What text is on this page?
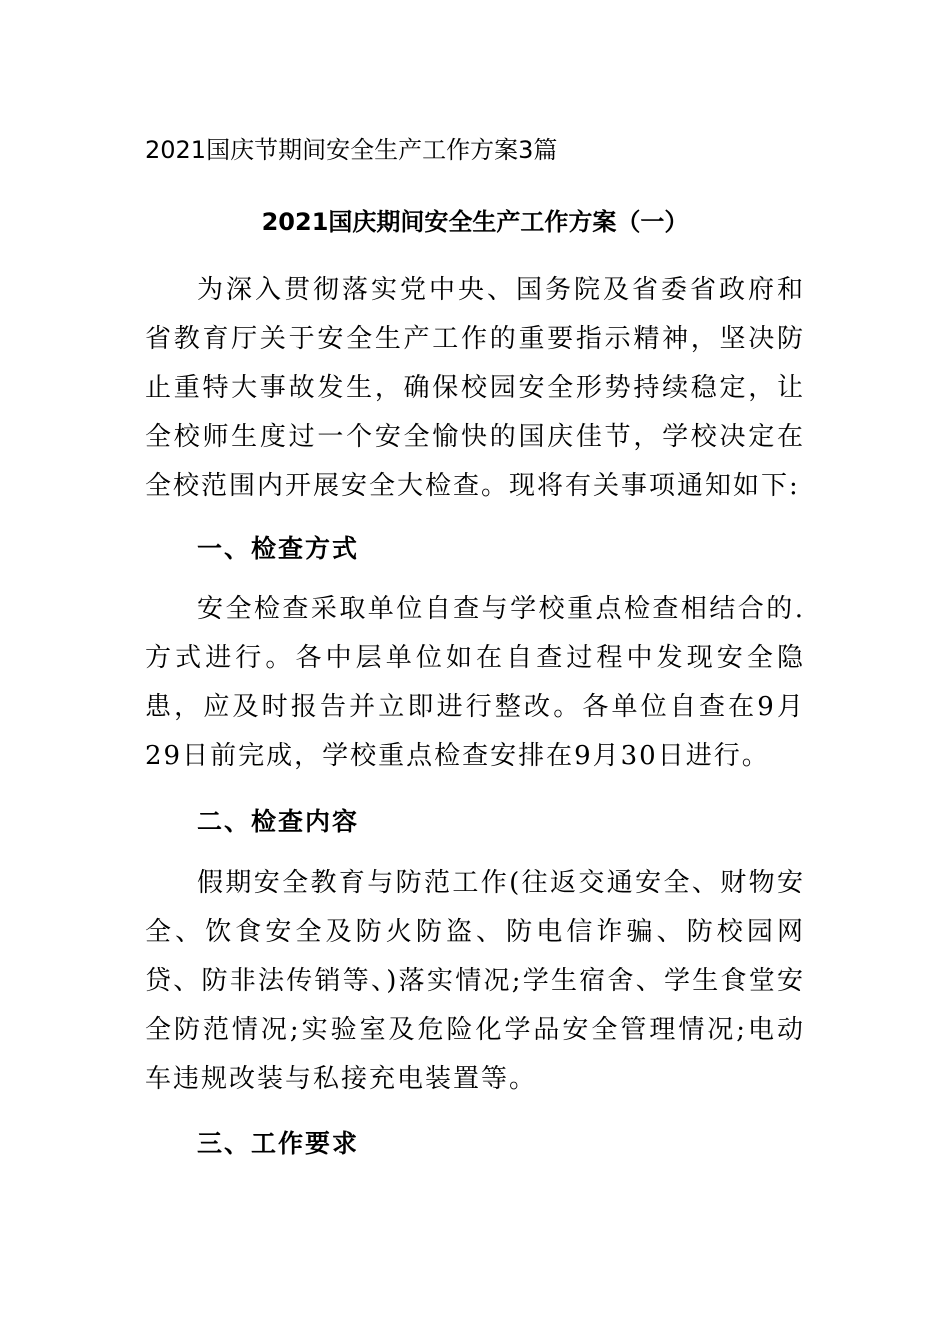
2021国庆节期间安全生产工作方案3篇
2021国庆期间安全生产工作方案（一）

为深入贯彻落实党中央、国务院及省委省政府和省教育厅关于安全生产工作的重要指示精神，坚决防止重特大事故发生，确保校园安全形势持续稳定，让全校师生度过一个安全愉快的国庆佳节，学校决定在全校范围内开展安全大检查。现将有关事项通知如下:

一、检查方式

安全检查采取单位自查与学校重点检查相结合的.方式进行。各中层单位如在自查过程中发现安全隐患，应及时报告并立即进行整改。各单位自查在9月29日前完成，学校重点检查安排在9月30日进行。

二、检查内容

假期安全教育与防范工作(往返交通安全、财物安全、饮食安全及防火防盗、防电信诈骗、防校园网贷、防非法传销等、)落实情况;学生宿舍、学生食堂安全防范情况;实验室及危险化学品安全管理情况;电动车违规改装与私接充电装置等。

三、工作要求
